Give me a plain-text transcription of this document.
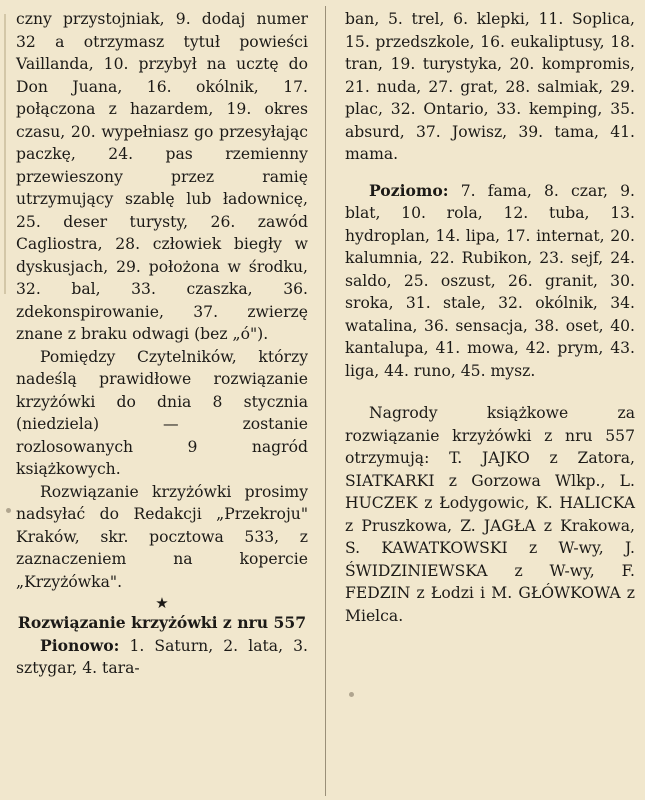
czny przystojniak, 9. dodaj numer 32 a otrzymasz tytuł powieści Vaillanda, 10. przybył na ucztę do Don Juana, 16. okólnik, 17. połączona z hazardem, 19. okres czasu, 20. wypełniasz go przesyłając paczkę, 24. pas rzemienny przewieszony przez ramię utrzymujący szablę lub ładownicę, 25. deser turysty, 26. zawód Cagliostra, 28. człowiek biegły w dyskusjach, 29. położona w środku, 32. bal, 33. czaszka, 36. zdekonspirowanie, 37. zwierzę znane z braku odwagi (bez „ó").

Pomiędzy Czytelników, którzy nadeślą prawidłowe rozwiązanie krzyżówki do dnia 8 stycznia (niedziela) — zostanie rozlosowanych 9 nagród książkowych.

Rozwiązanie krzyżówki prosimy nadsyłać do Redakcji „Przekroju" Kraków, skr. pocztowa 533, z zaznaczeniem na kopercie „Krzyżówka".

★

Rozwiązanie krzyżówki z nru 557

Pionowo: 1. Saturn, 2. lata, 3. sztygar, 4. tara-

ban, 5. trel, 6. klepki, 11. Soplica, 15. przedszkole, 16. eukaliptusy, 18. tran, 19. turystyka, 20. kompromis, 21. nuda, 27. grat, 28. salmiak, 29. plac, 32. Ontario, 33. kemping, 35. absurd, 37. Jowisz, 39. tama, 41. mama.

Poziomo: 7. fama, 8. czar, 9. blat, 10. rola, 12. tuba, 13. hydroplan, 14. lipa, 17. internat, 20. kalumnia, 22. Rubikon, 23. sejf, 24. saldo, 25. oszust, 26. granit, 30. sroka, 31. stale, 32. okólnik, 34. watalina, 36. sensacja, 38. oset, 40. kantalupa, 41. mowa, 42. prym, 43. liga, 44. runo, 45. mysz.

Nagrody książkowe za rozwiązanie krzyżówki z nru 557 otrzymują: T. JAJKO z Zatora, SIATKARKI z Gorzowa Wlkp., L. HUCZEK z Łodygowic, K. HALICKA z Pruszkowa, Z. JAGŁA z Krakowa, S. KAWATKOWSKI z W-wy, J. ŚWIDZINIEWSKA z W-wy, F. FEDZIN z Łodzi i M. GŁÓWKOWA z Mielca.
